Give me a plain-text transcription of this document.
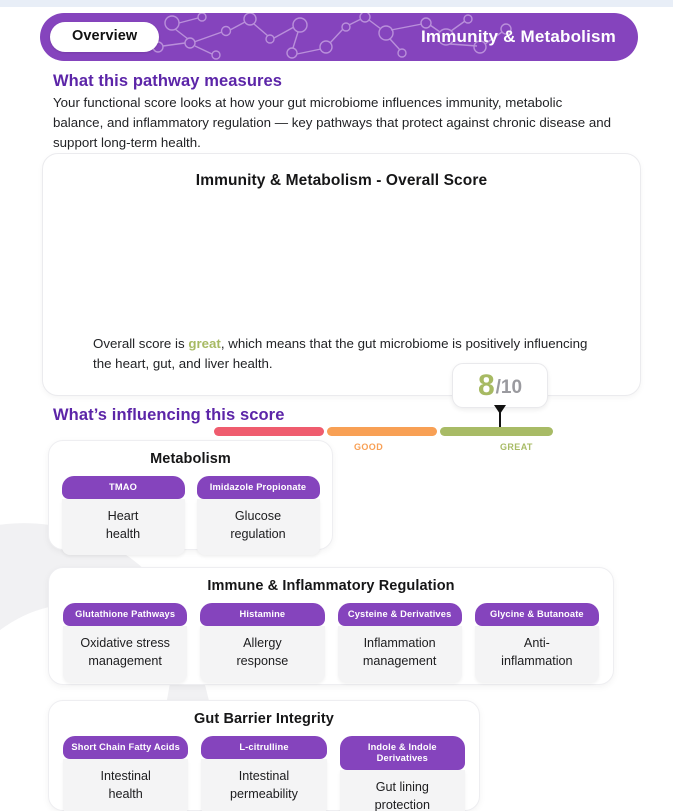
Overview	Immunity & Metabolism
What this pathway measures
Your functional score looks at how your gut microbiome influences immunity, metabolic balance, and inflammatory regulation — key pathways that protect against chronic disease and support long-term health.
Immunity & Metabolism - Overall Score
8 /10
GOOD	GREAT
Overall score is great, which means that the gut microbiome is positively influencing the heart, gut, and liver health.
What’s influencing this score
Metabolism
TMAO
Heart
health
Imidazole Propionate
Glucose
regulation
Immune & Inflammatory Regulation
Glutathione Pathways
Oxidative stress
management
Histamine
Allergy
response
Cysteine & Derivatives
Inflammation
management
Glycine & Butanoate
Anti-
inflammation
Gut Barrier Integrity
Short Chain Fatty Acids
Intestinal
health
L-citrulline
Intestinal
permeability
Indole & Indole Derivatives
Gut lining
protection
